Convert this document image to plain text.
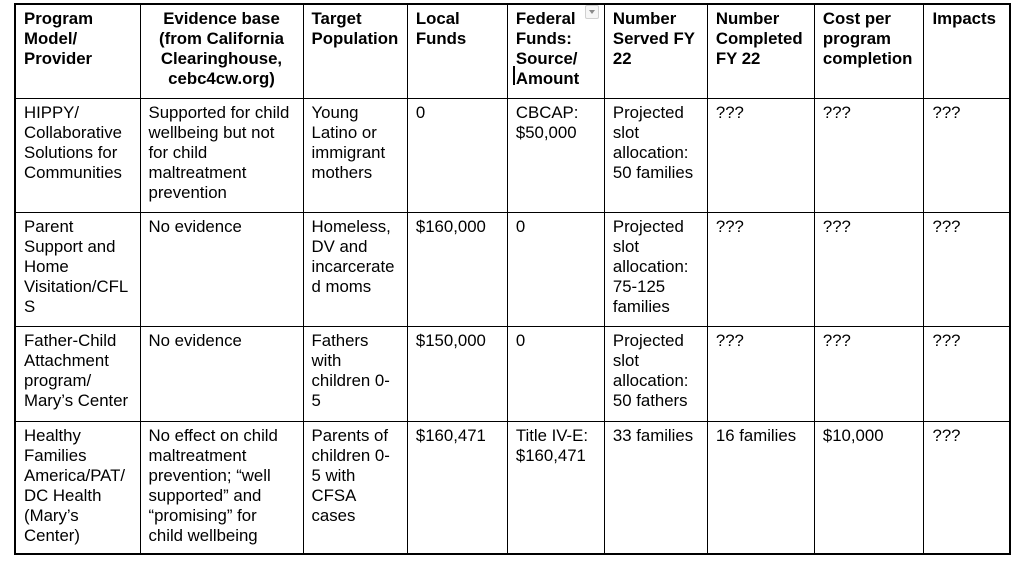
Program Model/ Provider	Evidence base (from California Clearinghouse, cebc4cw.org)	Target Population	Local Funds	Federal Funds: Source/ Amount	Number Served FY 22	Number Completed FY 22	Cost per program completion	Impacts
HIPPY/ Collaborative Solutions for Communities	Supported for child wellbeing but not for child maltreatment prevention	Young Latino or immigrant mothers	0	CBCAP: $50,000	Projected slot allocation: 50 families	???	???	???
Parent Support and Home Visitation/CFLS	No evidence	Homeless, DV and incarcerated moms	$160,000	0	Projected slot allocation: 75-125 families	???	???	???
Father-Child Attachment program/ Mary’s Center	No evidence	Fathers with children 0-5	$150,000	0	Projected slot allocation: 50 fathers	???	???	???
Healthy Families America/PAT/ DC Health (Mary’s Center)	No effect on child maltreatment prevention; “well supported” and “promising” for child wellbeing	Parents of children 0-5 with CFSA cases	$160,471	Title IV-E: $160,471	33 families	16 families	$10,000	???
